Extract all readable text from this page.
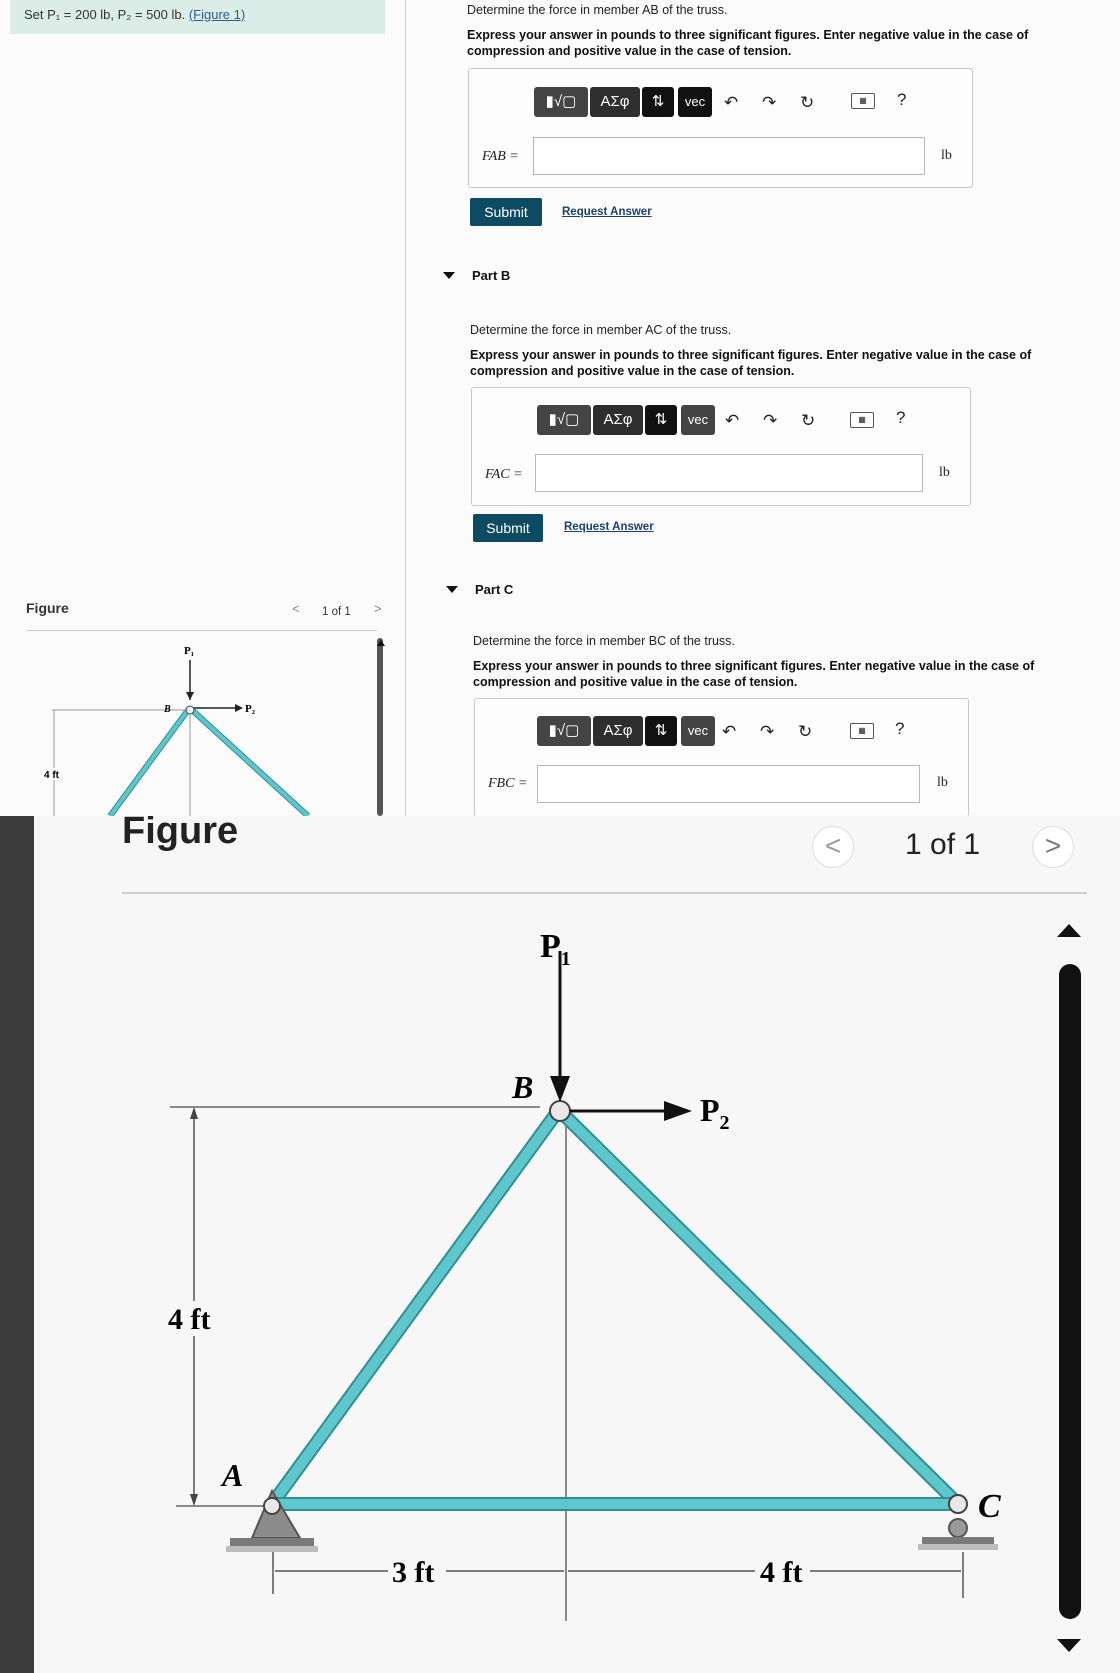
Set P₁ = 200 lb, P₂ = 500 lb. (Figure 1)
Figure	< 1 of 1 >
P₁
B	P₂
4 ft
Determine the force in member AB of the truss.
Express your answer in pounds to three significant figures. Enter negative value in the case of compression and positive value in the case of tension.
▮√▢	ΑΣφ	⇅	vec	↶ ↷ ↻	▦	?
FAB =	lb
Submit	Request Answer
Part B
Determine the force in member AC of the truss.
Express your answer in pounds to three significant figures. Enter negative value in the case of compression and positive value in the case of tension.
▮√▢	ΑΣφ	⇅	vec ↶ ↷ ↻	▦	?
FAC =	lb
Submit	Request Answer
Part C
Determine the force in member BC of the truss.
Express your answer in pounds to three significant figures. Enter negative value in the case of compression and positive value in the case of tension.
▮√▢	ΑΣφ	⇅	vec ↶ ↷ ↻	▦	?
FBC =	lb
Figure	<	1 of 1	>
$P_1$
$P_2$
B
A
C
4 ft
3 ft	4 ft
